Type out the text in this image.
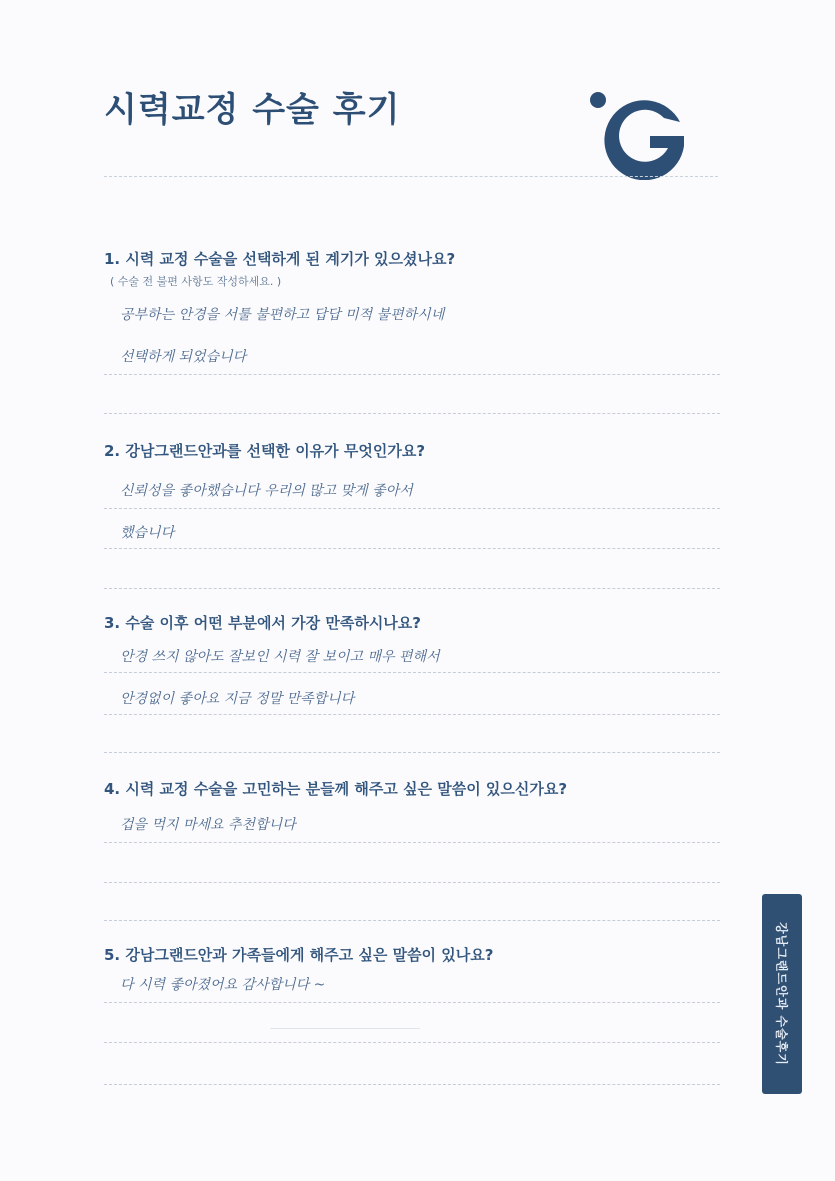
시력교정 수술 후기
1. 시력 교정 수술을 선택하게 된 계기가 있으셨나요?
( 수술 전 불편 사항도 작성하세요. )
공부하는 안경을 서툴 불편하고 답답 미적 불편하시네
선택하게 되었습니다
2. 강남그랜드안과를 선택한 이유가 무엇인가요?
신뢰성을 좋아했습니다 우리의 많고 맞게 좋아서
했습니다
3. 수술 이후 어떤 부분에서 가장 만족하시나요?
안경 쓰지 않아도 잘보인 시력 잘 보이고 매우 편해서
안경없이 좋아요 지금 정말 만족합니다
4. 시력 교정 수술을 고민하는 분들께 해주고 싶은 말씀이 있으신가요?
겁을 먹지 마세요 추천합니다
5. 강남그랜드안과 가족들에게 해주고 싶은 말씀이 있나요?
다 시력 좋아졌어요 감사합니다 ~	강남그랜드안과 수술후기
